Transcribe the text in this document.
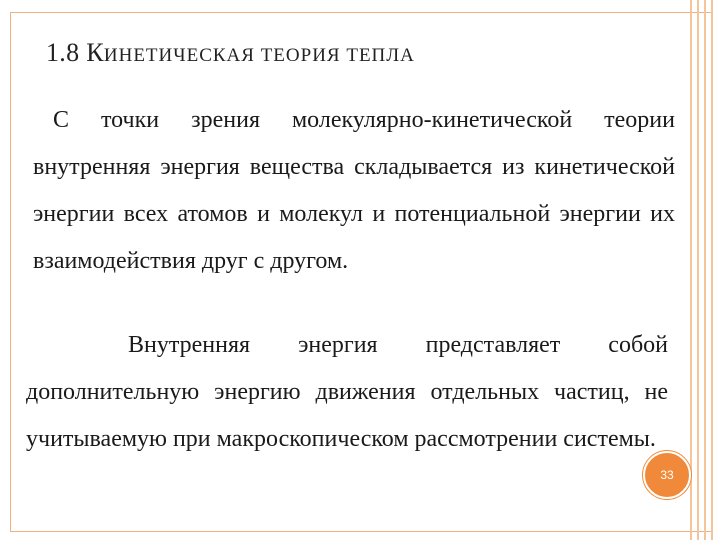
1.8 КИНЕТИЧЕСКАЯ ТЕОРИЯ ТЕПЛА
С точки зрения молекулярно-кинетической теории внутренняя энергия вещества складывается из кинетической энергии всех атомов и молекул и потенциальной энергии их взаимодействия друг с другом.
Внутренняя энергия представляет собой дополнительную энергию движения отдельных частиц, не учитываемую при макроскопическом рассмотрении системы.
33
